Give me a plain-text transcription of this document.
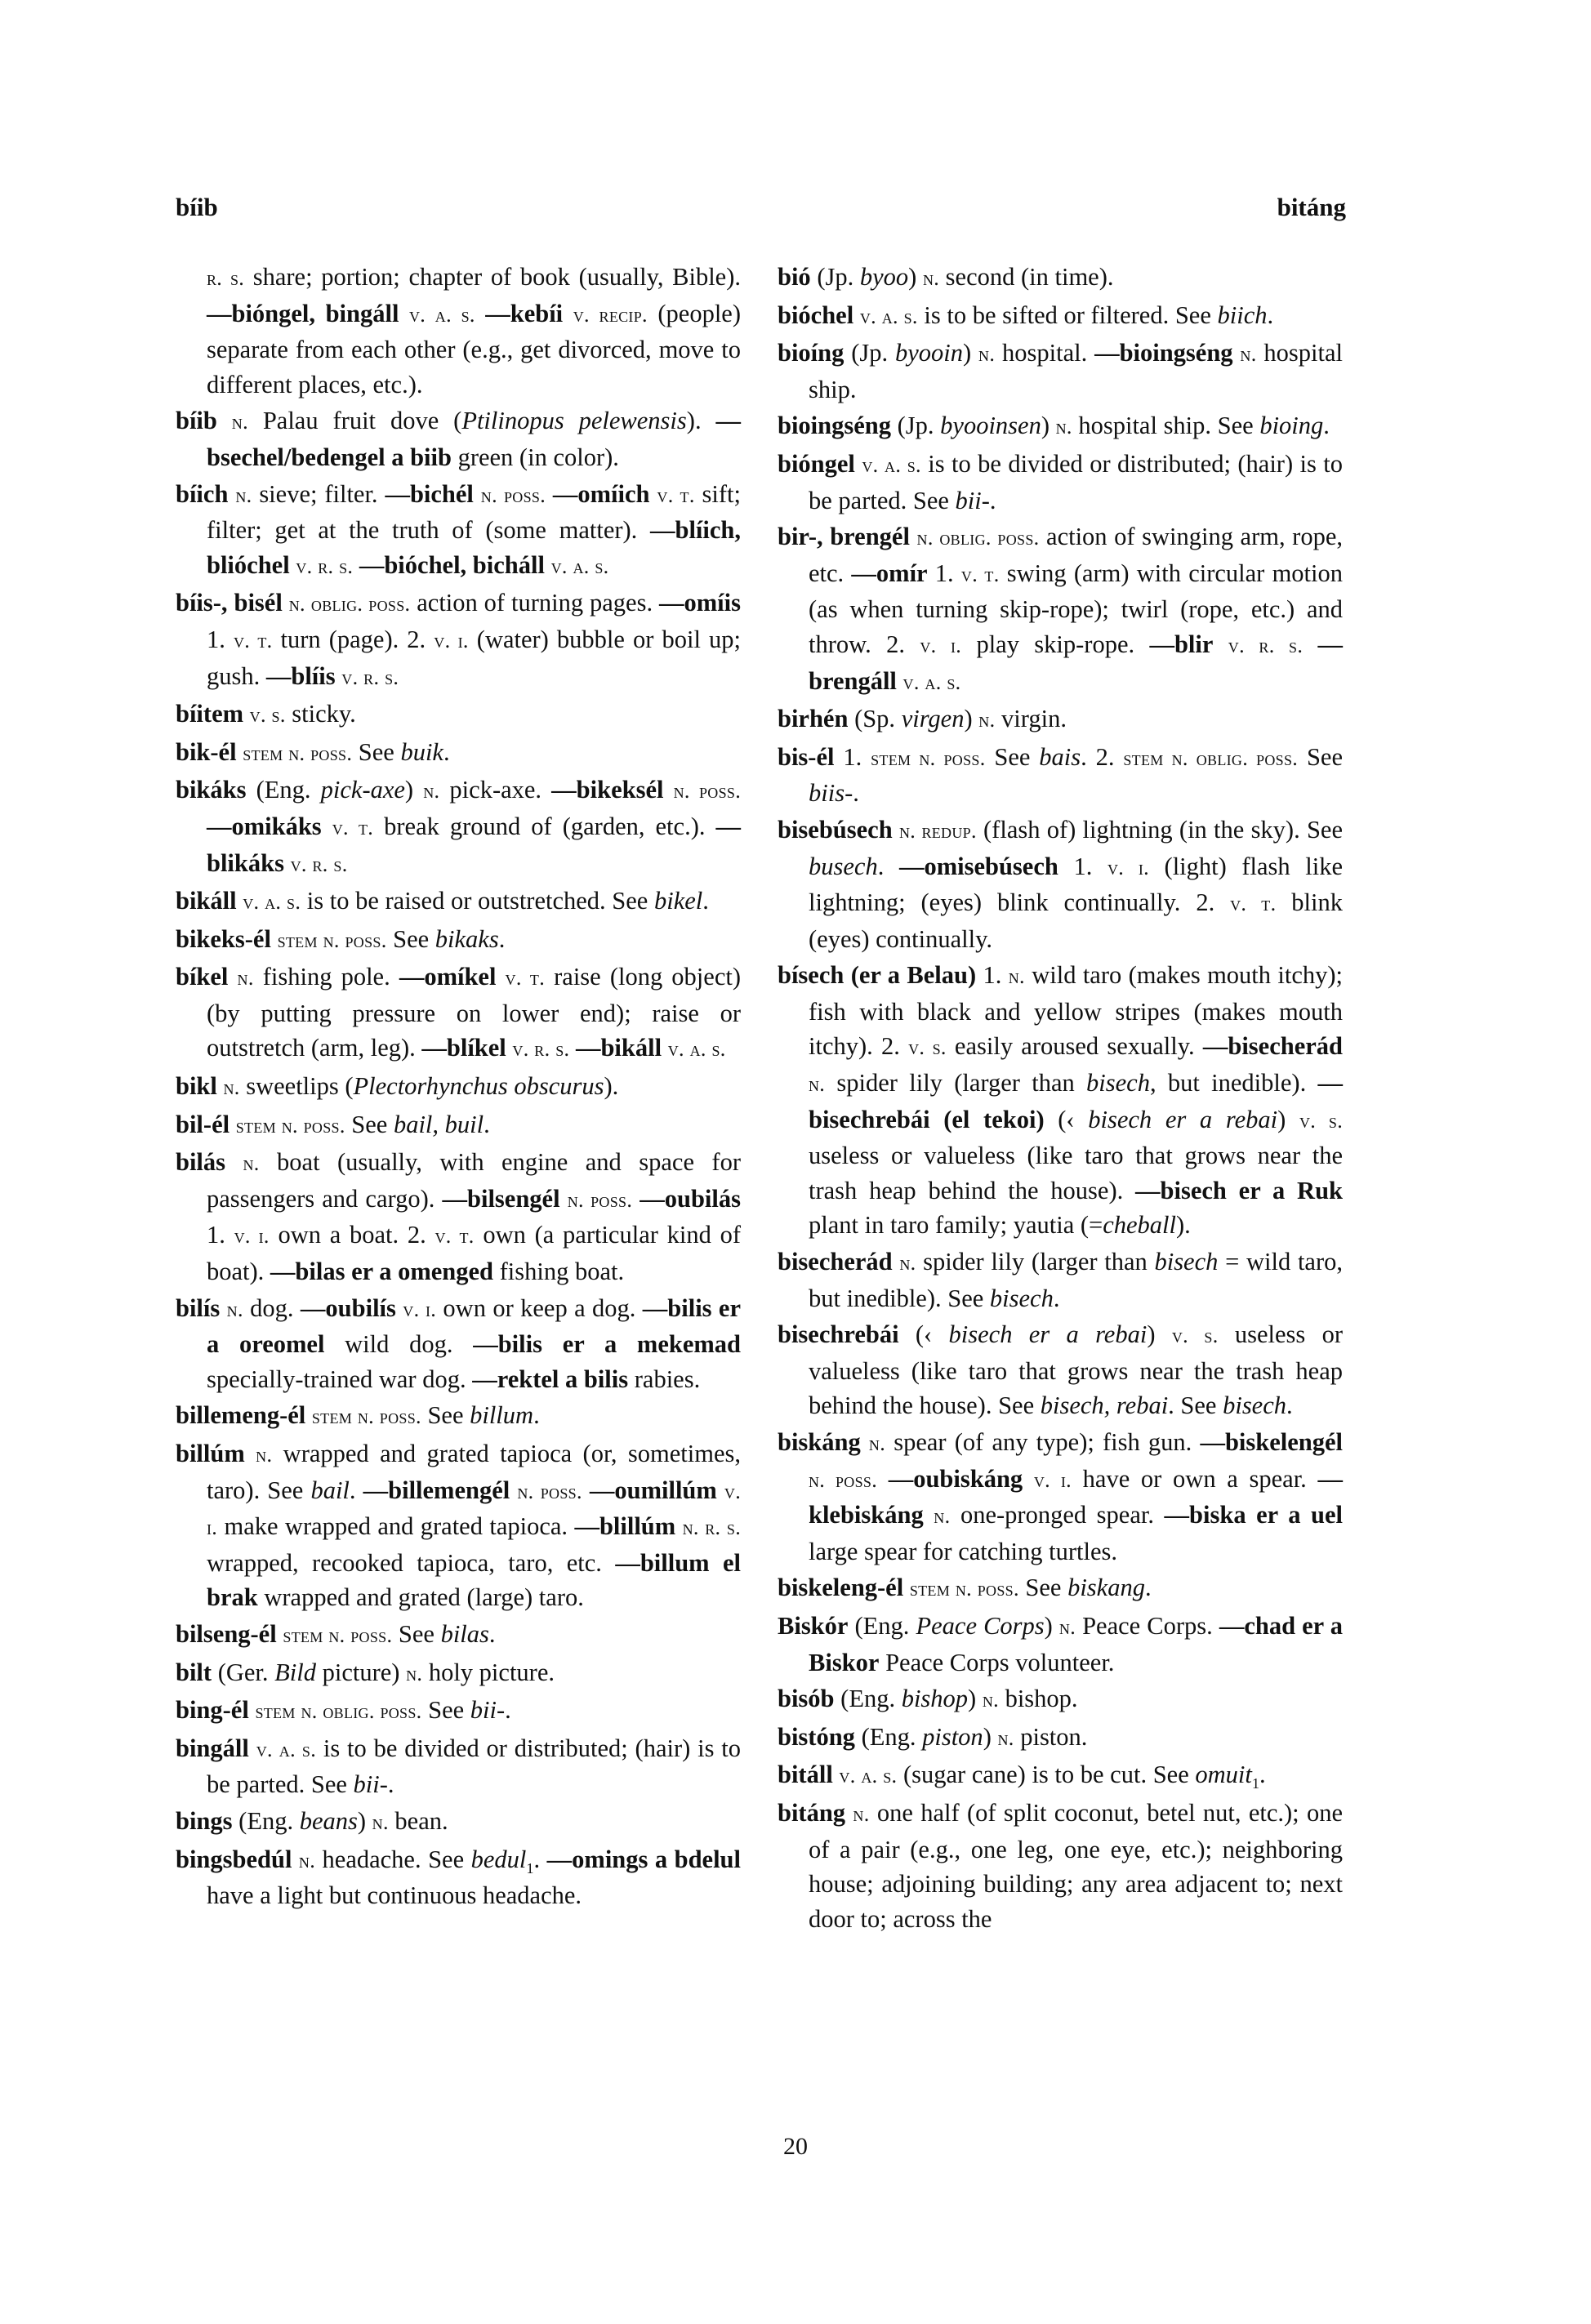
bíib	bitáng

r. s. share; portion; chapter of book (usually, Bible). —bióngel, bingáll v. a. s. —kebíi v. recip. (people) separate from each other (e.g., get divorced, move to different places, etc.).

bíib n. Palau fruit dove (Ptilinopus pelewensis). —bsechel/bedengel a biib green (in color).

bíich n. sieve; filter. —bichél n. poss. —omíich v. t. sift; filter; get at the truth of (some matter). —blíich, blióchel v. r. s. —bióchel, bicháll v. a. s.

bíis-, bisél n. oblig. poss. action of turning pages. —omíis 1. v. t. turn (page). 2. v. i. (water) bubble or boil up; gush. —blíis v. r. s.

bíitem v. s. sticky.

bik-él stem n. poss. See buik.

bikáks (Eng. pick-axe) n. pick-axe. —bikeksél n. poss. —omikáks v. t. break ground of (garden, etc.). —blikáks v. r. s.

bikáll v. a. s. is to be raised or outstretched. See bikel.

bikeks-él stem n. poss. See bikaks.

bíkel n. fishing pole. —omíkel v. t. raise (long object) (by putting pressure on lower end); raise or outstretch (arm, leg). —blíkel v. r. s. —bikáll v. a. s.

bikl n. sweetlips (Plectorhynchus obscurus).

bil-él stem n. poss. See bail, buil.

bilás n. boat (usually, with engine and space for passengers and cargo). —bilsengél n. poss. —oubilás 1. v. i. own a boat. 2. v. t. own (a particular kind of boat). —bilas er a omenged fishing boat.

bilís n. dog. —oubilís v. i. own or keep a dog. —bilis er a oreomel wild dog. —bilis er a mekemad specially-trained war dog. —rektel a bilis rabies.

billemeng-él stem n. poss. See billum.

billúm n. wrapped and grated tapioca (or, sometimes, taro). See bail. —billemengél n. poss. —oumillúm v. i. make wrapped and grated tapioca. —blillúm n. r. s. wrapped, recooked tapioca, taro, etc. —billum el brak wrapped and grated (large) taro.

bilseng-él stem n. poss. See bilas.

bilt (Ger. Bild picture) n. holy picture.

bing-él stem n. oblig. poss. See bii-.

bingáll v. a. s. is to be divided or distributed; (hair) is to be parted. See bii-.

bings (Eng. beans) n. bean.

bingsbedúl n. headache. See bedul$_1$. —omings a bdelul have a light but continuous headache.

bió (Jp. byoo) n. second (in time).

bióchel v. a. s. is to be sifted or filtered. See biich.

bioíng (Jp. byooin) n. hospital. —bioingséng n. hospital ship.

bioingséng (Jp. byooinsen) n. hospital ship. See bioing.

bióngel v. a. s. is to be divided or distributed; (hair) is to be parted. See bii-.

bir-, brengél n. oblig. poss. action of swinging arm, rope, etc. —omír 1. v. t. swing (arm) with circular motion (as when turning skip-rope); twirl (rope, etc.) and throw. 2. v. i. play skip-rope. —blir v. r. s. —brengáll v. a. s.

birhén (Sp. virgen) n. virgin.

bis-él 1. stem n. poss. See bais. 2. stem n. oblig. poss. See biis-.

bisebúsech n. redup. (flash of) lightning (in the sky). See busech. —omisebúsech 1. v. i. (light) flash like lightning; (eyes) blink continually. 2. v. t. blink (eyes) continually.

bísech (er a Belau) 1. n. wild taro (makes mouth itchy); fish with black and yellow stripes (makes mouth itchy). 2. v. s. easily aroused sexually. —bisecherád n. spider lily (larger than bisech, but inedible). —bisechrebái (el tekoi) (‹ bisech er a rebai) v. s. useless or valueless (like taro that grows near the trash heap behind the house). —bisech er a Ruk plant in taro family; yautia (=cheball).

bisecherád n. spider lily (larger than bisech = wild taro, but inedible). See bisech.

bisechrebái (‹ bisech er a rebai) v. s. useless or valueless (like taro that grows near the trash heap behind the house). See bisech, rebai. See bisech.

biskáng n. spear (of any type); fish gun. —biskelengél n. poss. —oubiskáng v. i. have or own a spear. —klebiskáng n. one-pronged spear. —biska er a uel large spear for catching turtles.

biskeleng-él stem n. poss. See biskang.

Biskór (Eng. Peace Corps) n. Peace Corps. —chad er a Biskor Peace Corps volunteer.

bisób (Eng. bishop) n. bishop.

bistóng (Eng. piston) n. piston.

bitáll v. a. s. (sugar cane) is to be cut. See omuit$_1$.

bitáng n. one half (of split coconut, betel nut, etc.); one of a pair (e.g., one leg, one eye, etc.); neighboring house; adjoining building; any area adjacent to; next door to; across the

20
